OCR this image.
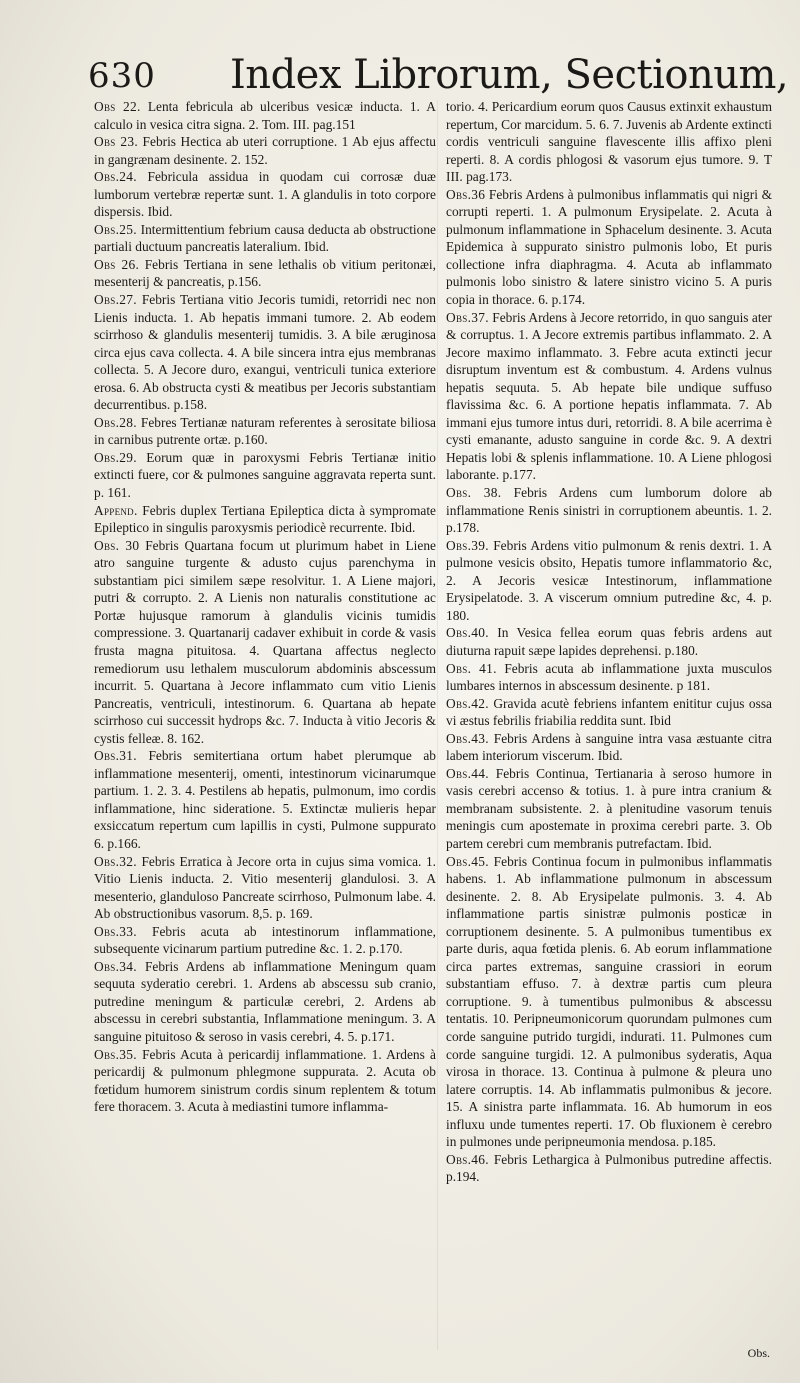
630 Index Librorum, Sectionum,

Obs 22. Lenta febricula ab ulceribus vesicæ inducta. 1. A calculo in vesica citra signa. 2. Tom. III. pag.151

Obs 23. Febris Hectica ab uteri corruptione. 1 Ab ejus affectu in gangrænam desinente. 2. 152.

Obs.24. Febricula assidua in quodam cui corrosæ duæ lumborum vertebræ repertæ sunt. 1. A glandulis in toto corpore dispersis. Ibid.

Obs.25. Intermittentium febrium causa deducta ab obstructione partiali ductuum pancreatis lateralium. Ibid.

Obs 26. Febris Tertiana in sene lethalis ob vitium peritonæi, mesenterij & pancreatis, p.156.

Obs.27. Febris Tertiana vitio Jecoris tumidi, retorridi nec non Lienis inducta. 1. Ab hepatis immani tumore. 2. Ab eodem scirrhoso & glandulis mesenterij tumidis. 3. A bile æruginosa circa ejus cava collecta. 4. A bile sincera intra ejus membranas collecta. 5. A Jecore duro, exangui, ventriculi tunica exteriore erosa. 6. Ab obstructa cysti & meatibus per Jecoris substantiam decurrentibus. p.158.

Obs.28. Febres Tertianæ naturam referentes à serositate biliosa in carnibus putrente ortæ. p.160.

Obs.29. Eorum quæ in paroxysmi Febris Tertianæ initio extincti fuere, cor & pulmones sanguine aggravata reperta sunt. p. 161.

Append. Febris duplex Tertiana Epileptica dicta à sympromate Epileptico in singulis paroxysmis periodicè recurrente. Ibid.

Obs. 30 Febris Quartana focum ut plurimum habet in Liene atro sanguine turgente & adusto cujus parenchyma in substantiam pici similem sæpe resolvitur. 1. A Liene majori, putri & corrupto. 2. A Lienis non naturalis constitutione ac Portæ hujusque ramorum à glandulis vicinis tumidis compressione. 3. Quartanarij cadaver exhibuit in corde & vasis frusta magna pituitosa. 4. Quartana affectus neglecto remediorum usu lethalem musculorum abdominis abscessum incurrit. 5. Quartana à Jecore inflammato cum vitio Lienis Pancreatis, ventriculi, intestinorum. 6. Quartana ab hepate scirrhoso cui successit hydrops &c. 7. Inducta à vitio Jecoris & cystis felleæ. 8. 162.

Obs.31. Febris semitertiana ortum habet plerumque ab inflammatione mesenterij, omenti, intestinorum vicinarumque partium. 1. 2. 3. 4. Pestilens ab hepatis, pulmonum, imo cordis inflammatione, hinc sideratione. 5. Extinctæ mulieris hepar exsiccatum repertum cum lapillis in cysti, Pulmone suppurato 6. p.166.

Obs.32. Febris Erratica à Jecore orta in cujus sima vomica. 1. Vitio Lienis inducta. 2. Vitio mesenterij glandulosi. 3. A mesenterio, glanduloso Pancreate scirrhoso, Pulmonum labe. 4. Ab obstructionibus vasorum. 8,5. p. 169.

Obs.33. Febris acuta ab intestinorum inflammatione, subsequente vicinarum partium putredine &c. 1. 2. p.170.

Obs.34. Febris Ardens ab inflammatione Meningum quam sequuta syderatio cerebri. 1. Ardens ab abscessu sub cranio, putredine meningum & particulæ cerebri, 2. Ardens ab abscessu in cerebri substantia, Inflammatione meningum. 3. A sanguine pituitoso & seroso in vasis cerebri, 4. 5. p.171.

Obs.35. Febris Acuta à pericardij inflammatione. 1. Ardens à pericardij & pulmonum phlegmone suppurata. 2. Acuta ob fœtidum humorem sinistrum cordis sinum replentem & totum fere thoracem. 3. Acuta à mediastini tumore inflamma-

torio. 4. Pericardium eorum quos Causus extinxit exhaustum repertum, Cor marcidum. 5. 6. 7. Juvenis ab Ardente extincti cordis ventriculi sanguine flavescente illis affixo pleni reperti. 8. A cordis phlogosi & vasorum ejus tumore. 9. T III. pag.173.

Obs.36 Febris Ardens à pulmonibus inflammatis qui nigri & corrupti reperti. 1. A pulmonum Erysipelate. 2. Acuta à pulmonum inflammatione in Sphacelum desinente. 3. Acuta Epidemica à suppurato sinistro pulmonis lobo, Et puris collectione infra diaphragma. 4. Acuta ab inflammato pulmonis lobo sinistro & latere sinistro vicino 5. A puris copia in thorace. 6. p.174.

Obs.37. Febris Ardens à Jecore retorrido, in quo sanguis ater & corruptus. 1. A Jecore extremis partibus inflammato. 2. A Jecore maximo inflammato. 3. Febre acuta extincti jecur disruptum inventum est & combustum. 4. Ardens vulnus hepatis sequuta. 5. Ab hepate bile undique suffuso flavissima &c. 6. A portione hepatis inflammata. 7. Ab immani ejus tumore intus duri, retorridi. 8. A bile acerrima è cysti emanante, adusto sanguine in corde &c. 9. A dextri Hepatis lobi & splenis inflammatione. 10. A Liene phlogosi laborante. p.177.

Obs. 38. Febris Ardens cum lumborum dolore ab inflammatione Renis sinistri in corruptionem abeuntis. 1. 2. p.178.

Obs.39. Febris Ardens vitio pulmonum & renis dextri. 1. A pulmone vesicis obsito, Hepatis tumore inflammatorio &c, 2. A Jecoris vesicæ Intestinorum, inflammatione Erysipelatode. 3. A viscerum omnium putredine &c, 4. p. 180.

Obs.40. In Vesica fellea eorum quas febris ardens aut diuturna rapuit sæpe lapides deprehensi. p.180.

Obs. 41. Febris acuta ab inflammatione juxta musculos lumbares internos in abscessum desinente. p 181.

Obs.42. Gravida acutè febriens infantem enititur cujus ossa vi æstus febrilis friabilia reddita sunt. Ibid

Obs.43. Febris Ardens à sanguine intra vasa æstuante citra labem interiorum viscerum. Ibid.

Obs.44. Febris Continua, Tertianaria à seroso humore in vasis cerebri accenso & totius. 1. à pure intra cranium & membranam subsistente. 2. à plenitudine vasorum tenuis meningis cum apostemate in proxima cerebri parte. 3. Ob partem cerebri cum membranis putrefactam. Ibid.

Obs.45. Febris Continua focum in pulmonibus inflammatis habens. 1. Ab inflammatione pulmonum in abscessum desinente. 2. 8. Ab Erysipelate pulmonis. 3. 4. Ab inflammatione partis sinistræ pulmonis posticæ in corruptionem desinente. 5. A pulmonibus tumentibus ex parte duris, aqua fœtida plenis. 6. Ab eorum inflammatione circa partes extremas, sanguine crassiori in eorum substantiam effuso. 7. à dextræ partis cum pleura corruptione. 9. à tumentibus pulmonibus & abscessu tentatis. 10. Peripneumonicorum quorundam pulmones cum corde sanguine putrido turgidi, indurati. 11. Pulmones cum corde sanguine turgidi. 12. A pulmonibus syderatis, Aqua virosa in thorace. 13. Continua à pulmone & pleura uno latere corruptis. 14. Ab inflammatis pulmonibus & jecore. 15. A sinistra parte inflammata. 16. Ab humorum in eos influxu unde tumentes reperti. 17. Ob fluxionem è cerebro in pulmones unde peripneumonia mendosa. p.185.

Obs.46. Febris Lethargica à Pulmonibus putredine affectis. p.194.

Obs.
